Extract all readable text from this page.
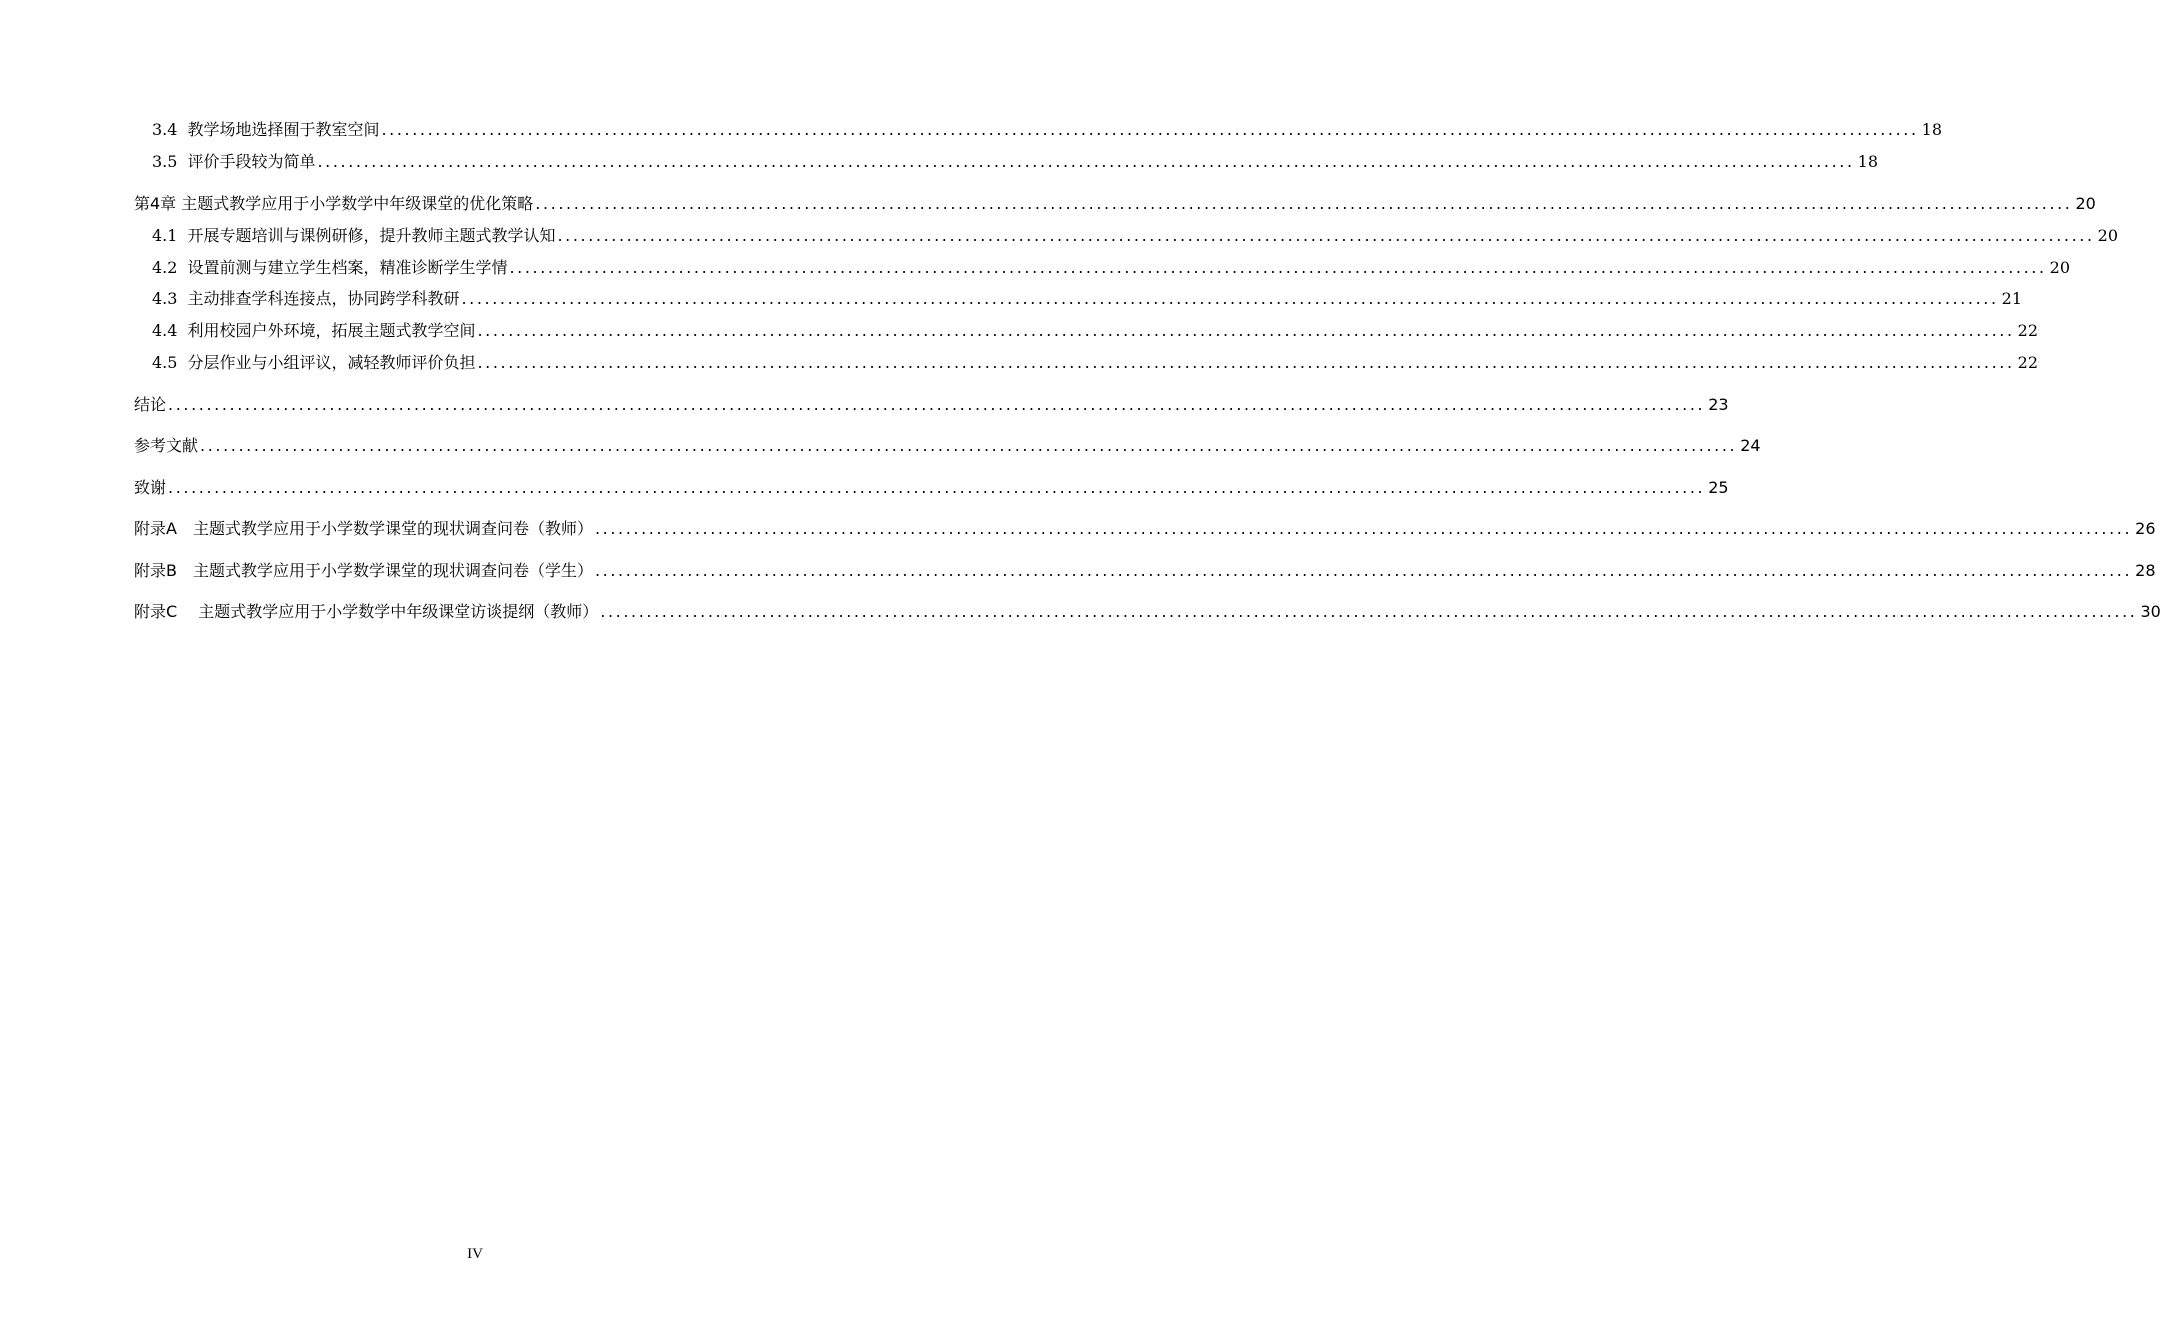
3.4 教学场地选择囿于教室空间 ........................................................................................................................................................................................................ 18
3.5 评价手段较为简单 ........................................................................................................................................................................................................ 18
第4章 主题式教学应用于小学数学中年级课堂的优化策略 ........................................................................................................................................................................................................ 20
4.1 开展专题培训与课例研修，提升教师主题式教学认知 ........................................................................................................................................................................................................ 20
4.2 设置前测与建立学生档案，精准诊断学生学情 ........................................................................................................................................................................................................ 20
4.3 主动排查学科连接点，协同跨学科教研 ........................................................................................................................................................................................................ 21
4.4 利用校园户外环境，拓展主题式教学空间 ........................................................................................................................................................................................................ 22
4.5 分层作业与小组评议，减轻教师评价负担 ........................................................................................................................................................................................................ 22
结论 ........................................................................................................................................................................................................ 23
参考文献 ........................................................................................................................................................................................................ 24
致谢 ........................................................................................................................................................................................................ 25
附录A　主题式教学应用于小学数学课堂的现状调查问卷（教师） ........................................................................................................................................................................................................ 26
附录B　主题式教学应用于小学数学课堂的现状调查问卷（学生） ........................................................................................................................................................................................................ 28
附录C　 主题式教学应用于小学数学中年级课堂访谈提纲（教师） ........................................................................................................................................................................................................ 30
IV
